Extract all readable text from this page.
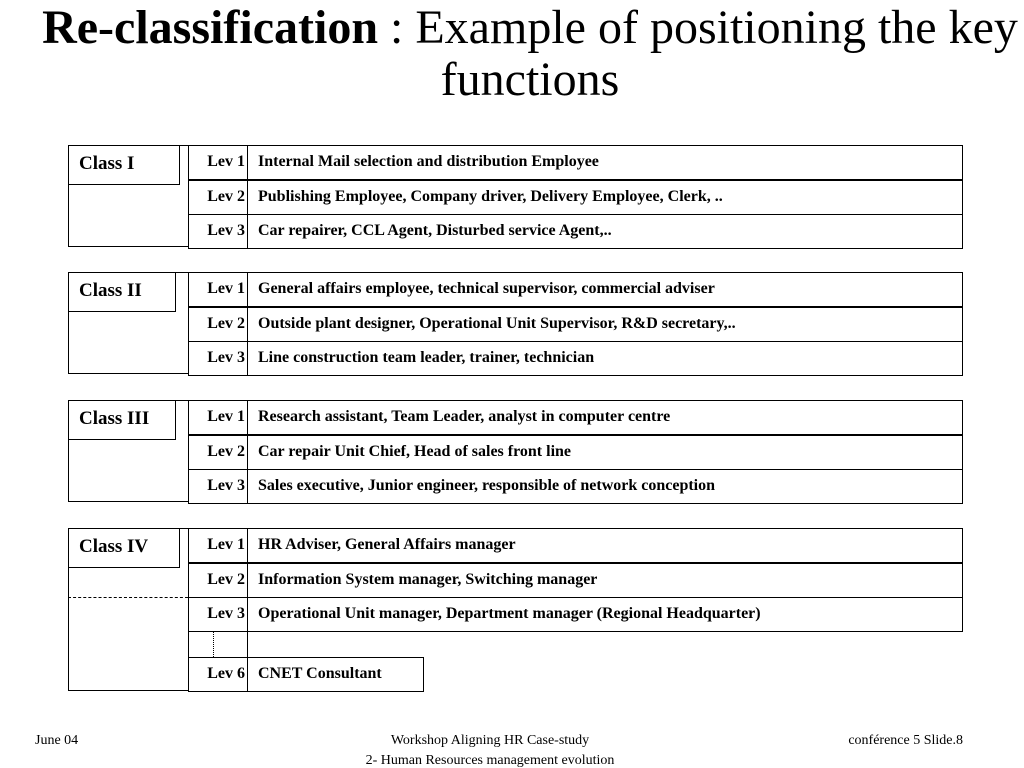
Re-classification : Example of positioning the key functions
Class I	Lev 1 Internal Mail selection and distribution Employee
Lev 2 Publishing Employee, Company driver, Delivery Employee, Clerk, ..
Lev 3 Car repairer, CCL Agent, Disturbed service Agent,..
Class II	Lev 1 General affairs employee, technical supervisor, commercial adviser
Lev 2 Outside plant designer, Operational Unit Supervisor, R&D secretary,..
Lev 3 Line construction team leader, trainer, technician
Class III	Lev 1 Research assistant, Team Leader, analyst in computer centre
Lev 2 Car repair Unit Chief, Head of sales front line
Lev 3 Sales executive, Junior engineer, responsible of network conception
Class IV	Lev 1 HR Adviser, General Affairs manager
Lev 2 Information System manager, Switching manager
Lev 3 Operational Unit manager, Department manager (Regional Headquarter)
Lev 6 CNET Consultant
June 04	Workshop Aligning HR Case-study
2- Human Resources management evolution
conférence 5 Slide.8
